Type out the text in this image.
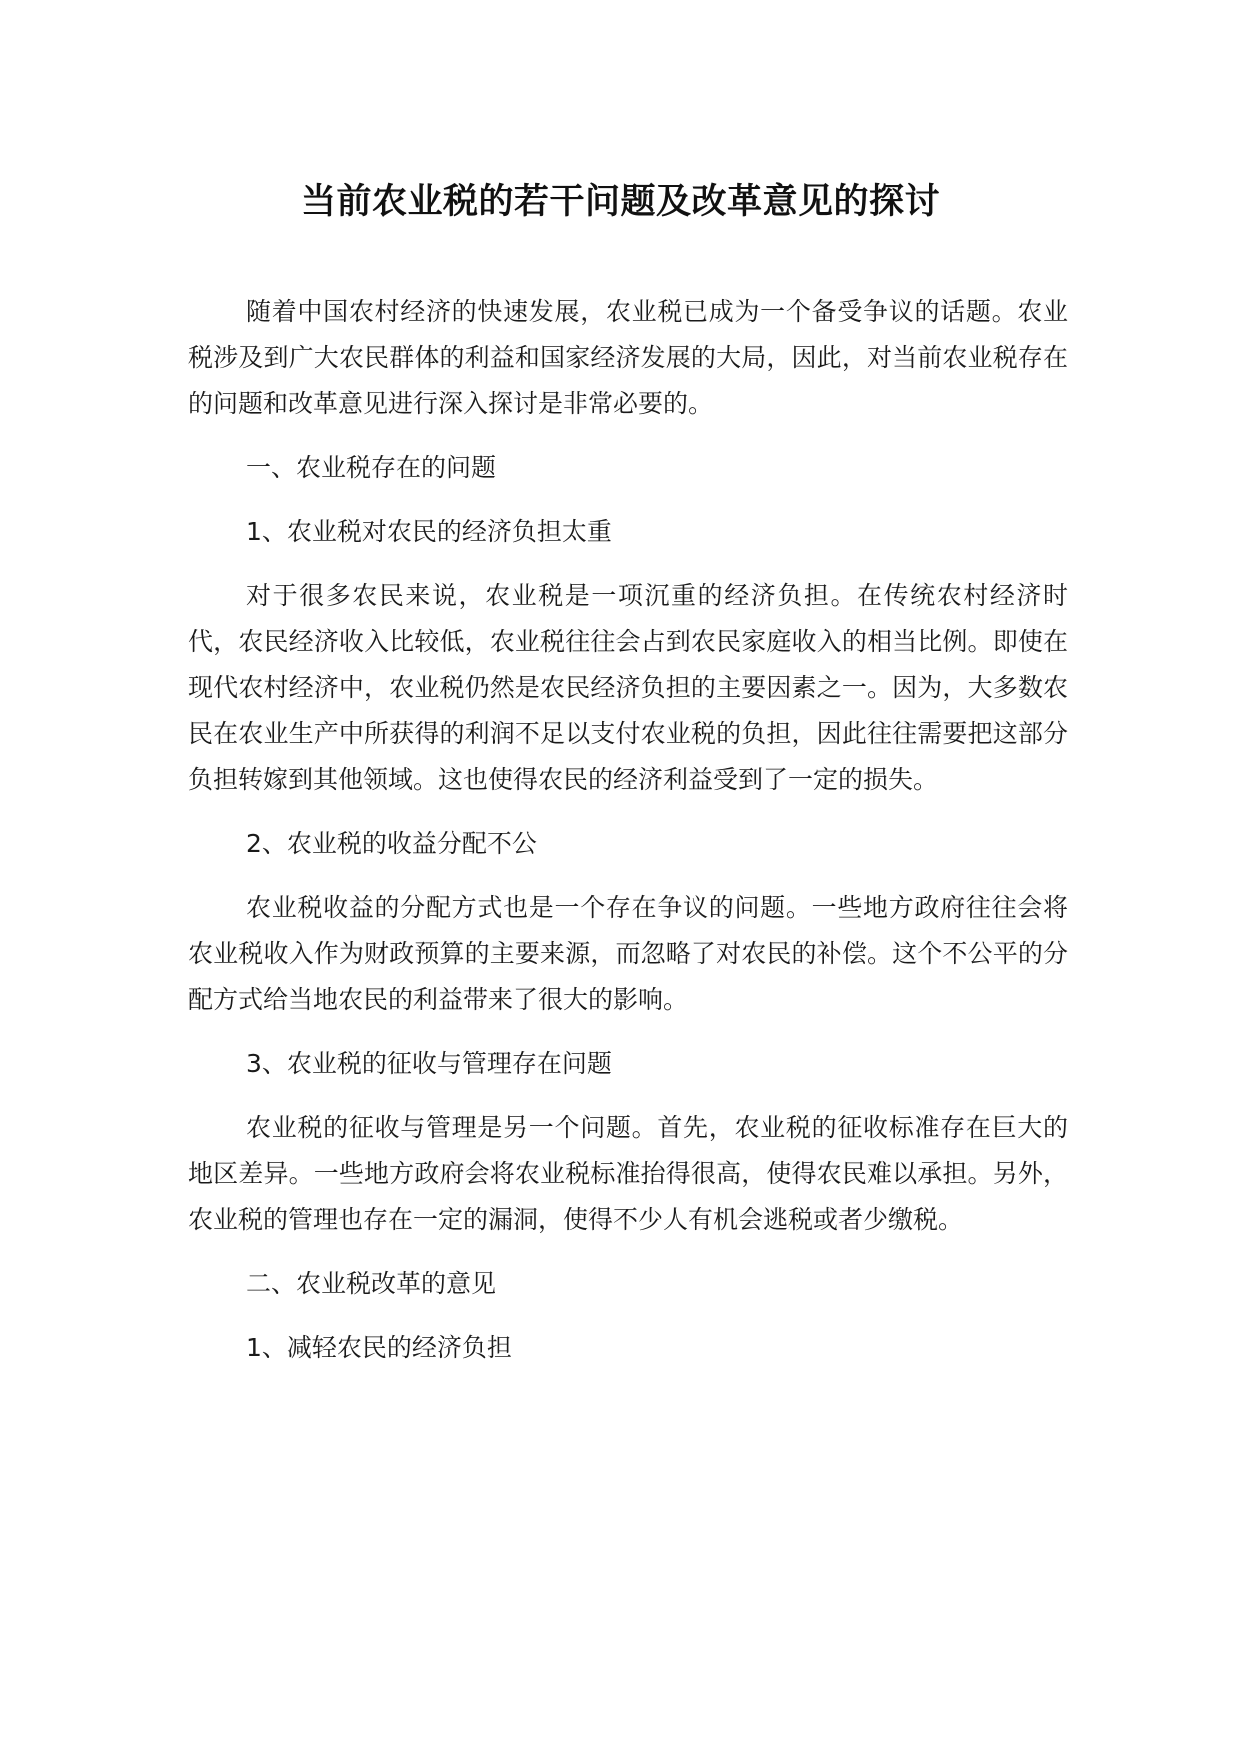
当前农业税的若干问题及改革意见的探讨

随着中国农村经济的快速发展，农业税已成为一个备受争议的话题。农业税涉及到广大农民群体的利益和国家经济发展的大局，因此，对当前农业税存在的问题和改革意见进行深入探讨是非常必要的。

一、农业税存在的问题

1、农业税对农民的经济负担太重

对于很多农民来说，农业税是一项沉重的经济负担。在传统农村经济时代，农民经济收入比较低，农业税往往会占到农民家庭收入的相当比例。即使在现代农村经济中，农业税仍然是农民经济负担的主要因素之一。因为，大多数农民在农业生产中所获得的利润不足以支付农业税的负担，因此往往需要把这部分负担转嫁到其他领域。这也使得农民的经济利益受到了一定的损失。

2、农业税的收益分配不公

农业税收益的分配方式也是一个存在争议的问题。一些地方政府往往会将农业税收入作为财政预算的主要来源，而忽略了对农民的补偿。这个不公平的分配方式给当地农民的利益带来了很大的影响。

3、农业税的征收与管理存在问题

农业税的征收与管理是另一个问题。首先，农业税的征收标准存在巨大的地区差异。一些地方政府会将农业税标准抬得很高，使得农民难以承担。另外，农业税的管理也存在一定的漏洞，使得不少人有机会逃税或者少缴税。

二、农业税改革的意见

1、减轻农民的经济负担
